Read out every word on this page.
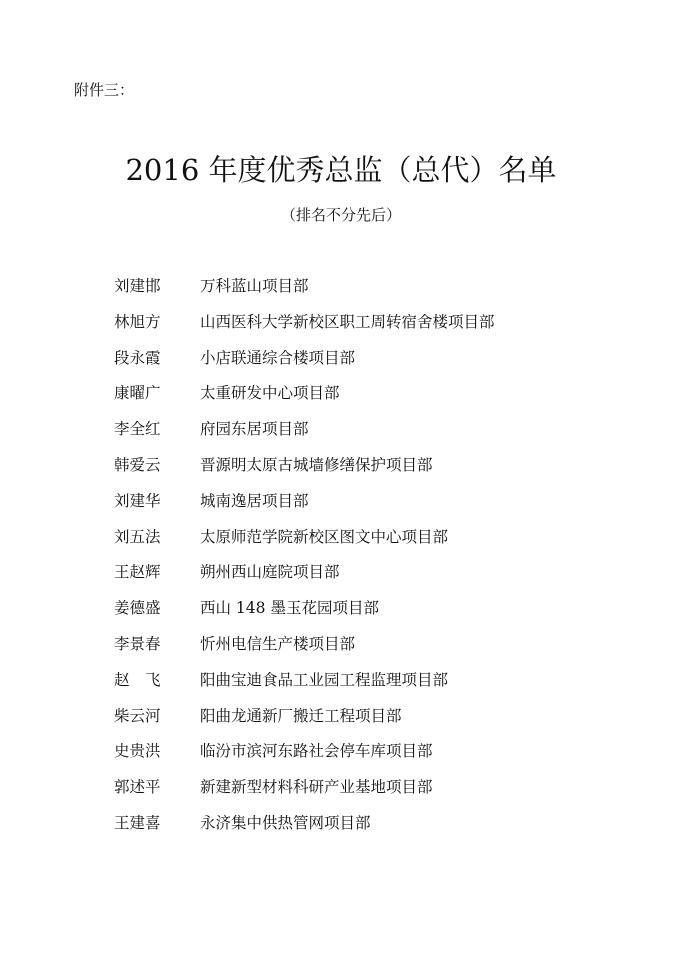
附件三：
2016 年度优秀总监（总代）名单
（排名不分先后）
刘建邯	万科蓝山项目部
林旭方	山西医科大学新校区职工周转宿舍楼项目部
段永霞	小店联通综合楼项目部
康曜广	太重研发中心项目部
李全红	府园东居项目部
韩爱云	晋源明太原古城墙修缮保护项目部
刘建华	城南逸居项目部
刘五法	太原师范学院新校区图文中心项目部
王赵辉	朔州西山庭院项目部
姜德盛	西山 148 墨玉花园项目部
李景春	忻州电信生产楼项目部
赵　飞	阳曲宝迪食品工业园工程监理项目部
柴云河	阳曲龙通新厂搬迁工程项目部
史贵洪	临汾市滨河东路社会停车库项目部
郭述平	新建新型材料科研产业基地项目部
王建喜	永济集中供热管网项目部
